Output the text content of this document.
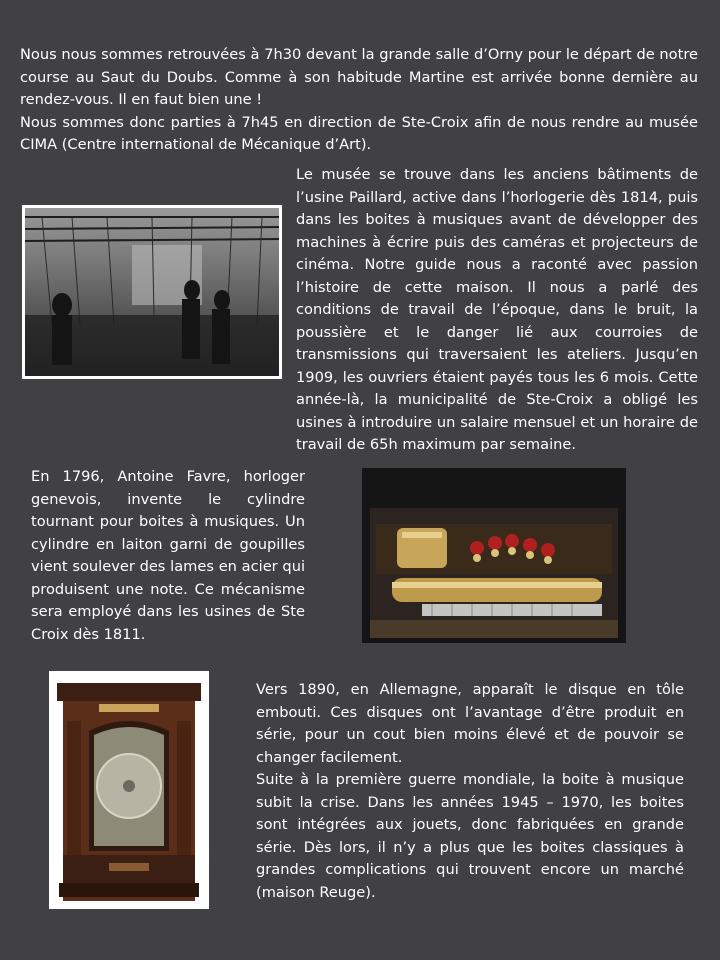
Nous nous sommes retrouvées à 7h30 devant la grande salle d’Orny pour le départ de notre course au Saut du Doubs. Comme à son habitude Martine est arrivée bonne dernière au rendez-vous. Il en faut bien une !

Nous sommes donc parties à 7h45 en direction de Ste-Croix afin de nous rendre au musée CIMA (Centre international de Mécanique d’Art).

Le musée se trouve dans les anciens bâtiments de l’usine Paillard, active dans l’horlogerie dès 1814, puis dans les boites à musiques avant de développer des machines à écrire puis des caméras et projecteurs de cinéma. Notre guide nous a raconté avec passion l’histoire de cette maison. Il nous a parlé des conditions de travail de l’époque, dans le bruit, la poussière et le danger lié aux courroies de transmissions qui traversaient les ateliers. Jusqu’en 1909, les ouvriers étaient payés tous les 6 mois. Cette année-là, la municipalité de Ste-Croix a obligé les usines à introduire un salaire mensuel et un horaire de travail de 65h maximum par semaine.

En 1796, Antoine Favre, horloger genevois, invente le cylindre tournant pour boites à musiques. Un cylindre en laiton garni de goupilles vient soulever des lames en acier qui produisent une note. Ce mécanisme sera employé dans les usines de Ste Croix dès 1811.

Vers 1890, en Allemagne, apparaît le disque en tôle embouti. Ces disques ont l’avantage d’être produit en série, pour un cout bien moins élevé et de pouvoir se changer facilement.

Suite à la première guerre mondiale, la boite à musique subit la crise. Dans les années 1945 – 1970, les boites sont intégrées aux jouets, donc fabriquées en grande série. Dès lors, il n’y a plus que les boites classiques à grandes complications qui trouvent encore un marché (maison Reuge).
